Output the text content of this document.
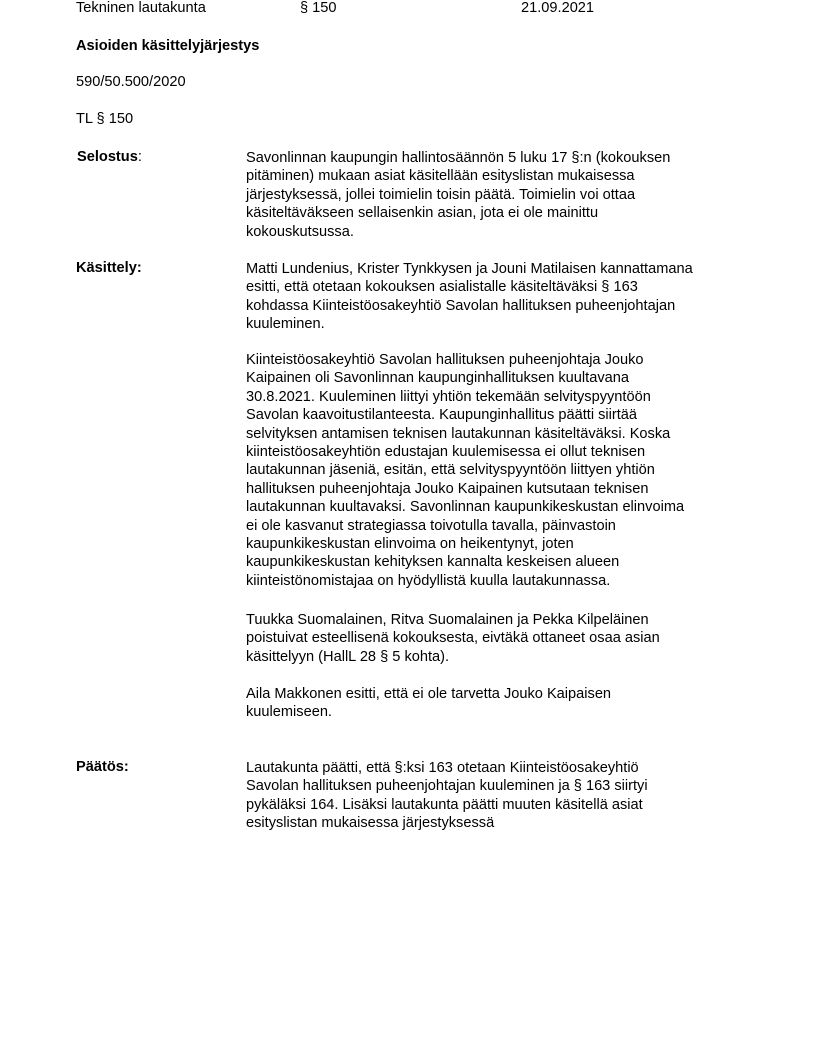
Tekninen lautakunta	§ 150	21.09.2021
Asioiden käsittelyjärjestys
590/50.500/2020
TL § 150
Selostus:	Savonlinnan kaupungin hallintosäännön 5 luku 17 §:n (kokouksen
pitäminen) mukaan asiat käsitellään esityslistan mukaisessa
järjestyksessä, jollei toimielin toisin päätä. Toimielin voi ottaa
käsiteltäväkseen sellaisenkin asian, jota ei ole mainittu
kokouskutsussa.
Käsittely:	Matti Lundenius, Krister Tynkkysen ja Jouni Matilaisen kannattamana
esitti, että otetaan kokouksen asialistalle käsiteltäväksi § 163
kohdassa Kiinteistöosakeyhtiö Savolan hallituksen puheenjohtajan
kuuleminen.
Kiinteistöosakeyhtiö Savolan hallituksen puheenjohtaja Jouko
Kaipainen oli Savonlinnan kaupunginhallituksen kuultavana
30.8.2021. Kuuleminen liittyi yhtiön tekemään selvityspyyntöön
Savolan kaavoitustilanteesta. Kaupunginhallitus päätti siirtää
selvityksen antamisen teknisen lautakunnan käsiteltäväksi. Koska
kiinteistöosakeyhtiön edustajan kuulemisessa ei ollut teknisen
lautakunnan jäseniä, esitän, että selvityspyyntöön liittyen yhtiön
hallituksen puheenjohtaja Jouko Kaipainen kutsutaan teknisen
lautakunnan kuultavaksi. Savonlinnan kaupunkikeskustan elinvoima
ei ole kasvanut strategiassa toivotulla tavalla, päinvastoin
kaupunkikeskustan elinvoima on heikentynyt, joten
kaupunkikeskustan kehityksen kannalta keskeisen alueen
kiinteistönomistajaa on hyödyllistä kuulla lautakunnassa.
Tuukka Suomalainen, Ritva Suomalainen ja Pekka Kilpeläinen
poistuivat esteellisenä kokouksesta, eivtäkä ottaneet osaa asian
käsittelyyn (HallL 28 § 5 kohta).
Aila Makkonen esitti, että ei ole tarvetta Jouko Kaipaisen
kuulemiseen.
Päätös:	Lautakunta päätti, että §:ksi 163 otetaan Kiinteistöosakeyhtiö
Savolan hallituksen puheenjohtajan kuuleminen ja § 163 siirtyi
pykäläksi 164. Lisäksi lautakunta päätti muuten käsitellä asiat
esityslistan mukaisessa järjestyksessä
